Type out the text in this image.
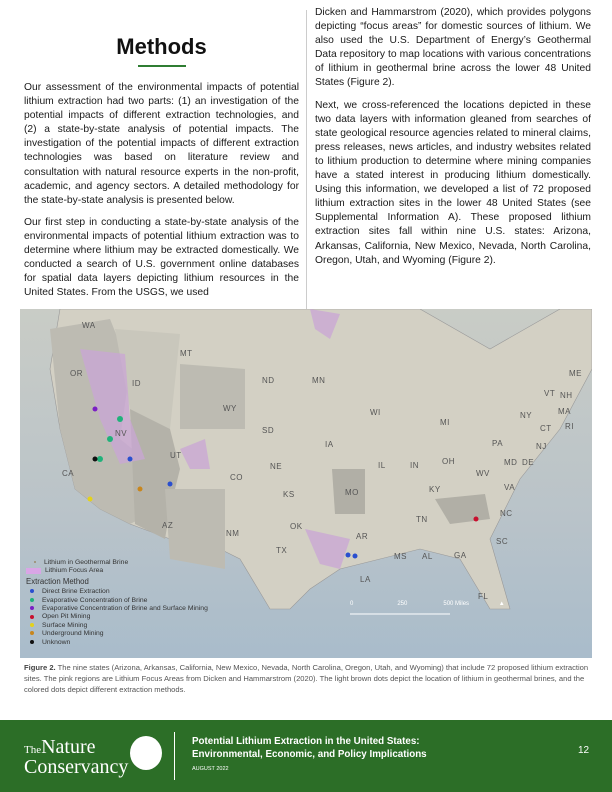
Methods

Our assessment of the environmental impacts of potential lithium extraction had two parts: (1) an investigation of the potential impacts of different extraction technologies, and (2) a state-by-state analysis of potential impacts. The investigation of the potential impacts of different extraction technologies was based on literature review and consultation with natural resource experts in the non-profit, academic, and agency sectors. A detailed methodology for the state-by-state analysis is presented below.

Our first step in conducting a state-by-state analysis of the environmental impacts of potential lithium extraction was to determine where lithium may be extracted domestically. We conducted a search of U.S. government online databases for spatial data layers depicting lithium resources in the United States. From the USGS, we used

Dicken and Hammarstrom (2020), which provides polygons depicting “focus areas” for domestic sources of lithium. We also used the U.S. Department of Energy’s Geothermal Data repository to map locations with various concentrations of lithium in geothermal brine across the lower 48 United States (Figure 2).

Next, we cross-referenced the locations depicted in these two data layers with information gleaned from searches of state geological resource agencies related to mineral claims, press releases, news articles, and industry websites related to lithium production to determine where mining companies have a stated interest in producing lithium domestically. Using this information, we developed a list of 72 proposed lithium extraction sites in the lower 48 United States (see Supplemental Information A). These proposed lithium extraction sites fall within nine U.S. states: Arizona, Arkansas, California, New Mexico, Nevada, North Carolina, Oregon, Utah, and Wyoming (Figure 2).

WA
OR
ID
MT
WY
NV
CA
UT
CO
AZ
NM
ND
SD
NE
KS
OK
TX
MN
IA
MO
AR
LA
WI
IL
MI
IN	OH
KY
TN
MS AL	GA
FL
SC
NC
VA
WV
PA
NY
MD DE
NJ
CT RI
MA
VT NH
ME
Lithium in Geothermal Brine
Lithium Focus Area
Extraction Method
Direct Brine Extraction
Evaporative Concentration of Brine
Evaporative Concentration of Brine and Surface Mining
Open Pit Mining
Surface Mining
Underground Mining
Unknown
0	250	500 Miles	▲
Figure 2. The nine states (Arizona, Arkansas, California, New Mexico, Nevada, North Carolina, Oregon, Utah, and Wyoming) that include 72 proposed lithium extraction sites. The pink regions are Lithium Focus Areas from Dicken and Hammarstrom (2020). The light brown dots depict the location of lithium in geothermal brines, and the colored dots depict different extraction methods.
TheNature
Conservancy
Potential Lithium Extraction in the United States:
Environmental, Economic, and Policy Implications
AUGUST 2022
12
